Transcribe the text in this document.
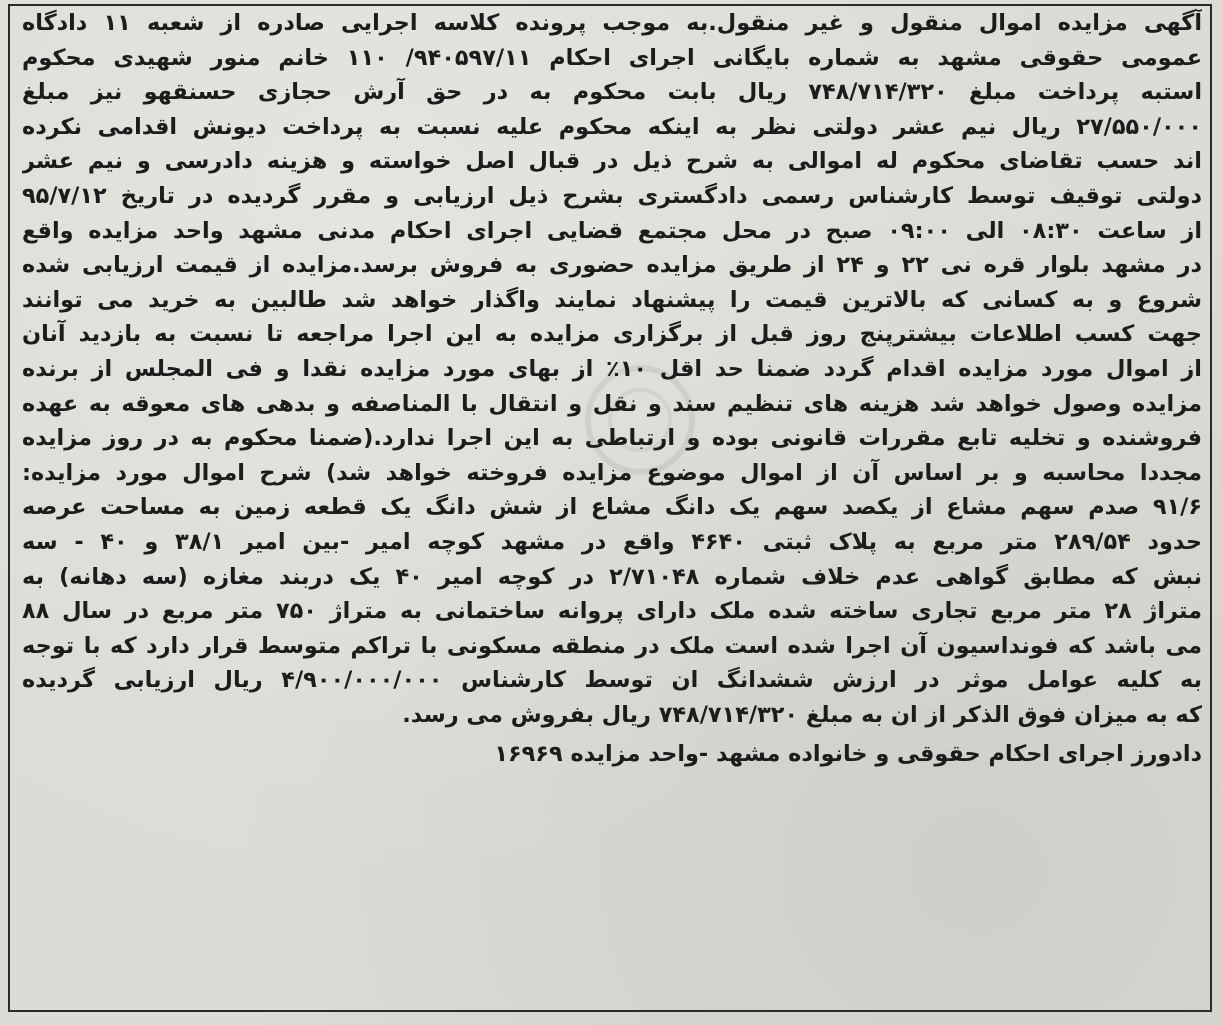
آگهی مزایده اموال منقول و غیر منقول.به موجب پرونده کلاسه اجرایی صادره از شعبه ۱۱ دادگاه
عمومی حقوقی مشهد به شماره بایگانی اجرای احکام ۹۴۰۵۹۷/۱۱/ ۱۱۰ خانم منور شهیدی محکوم
استبه پرداخت مبلغ ۷۴۸/۷۱۴/۳۲۰ ریال بابت محکوم به در حق آرش حجازی حسنقهو نیز مبلغ
۲۷/۵۵۰/۰۰۰ ریال نیم عشر دولتی نظر به اینکه محکوم علیه نسبت به پرداخت دیونش اقدامی نکرده
اند حسب تقاضای محکوم له اموالی به شرح ذیل در قبال اصل خواسته و هزینه دادرسی و نیم عشر
دولتی توقیف توسط کارشناس رسمی دادگستری بشرح ذیل ارزیابی و مقرر گردیده در تاریخ ۹۵/۷/۱۲
از ساعت ۰۸:۳۰ الی ۰۹:۰۰ صبح در محل مجتمع قضایی اجرای احکام مدنی مشهد واحد مزایده واقع
در مشهد بلوار قره نی ۲۲ و ۲۴ از طریق مزایده حضوری به فروش برسد.مزایده از قیمت ارزیابی شده
شروع و به کسانی که بالاترین قیمت را پیشنهاد نمایند واگذار خواهد شد طالبین به خرید می توانند
جهت کسب اطلاعات بیشترپنج روز قبل از برگزاری مزایده به این اجرا مراجعه تا نسبت به بازدید آنان
از اموال مورد مزایده اقدام گردد ضمنا حد اقل ۱۰٪ از بهای مورد مزایده نقدا و فی المجلس از برنده
مزایده وصول خواهد شد هزینه های تنظیم سند و نقل و انتقال با المناصفه و بدهی های معوقه به عهده
فروشنده و تخلیه تابع مقررات قانونی بوده و ارتباطی به این اجرا ندارد.(ضمنا محکوم به در روز مزایده
مجددا محاسبه و بر اساس آن از اموال موضوع مزایده فروخته خواهد شد) شرح اموال مورد مزایده:
۹۱/۶ صدم سهم مشاع از یکصد سهم یک دانگ مشاع از شش دانگ یک قطعه زمین به مساحت عرصه
حدود ۲۸۹/۵۴ متر مربع به پلاک ثبتی ۴۶۴۰ واقع در مشهد کوچه امیر -بین امیر ۳۸/۱ و ۴۰ - سه
نبش که مطابق گواهی عدم خلاف شماره ۲/۷۱۰۴۸ در کوچه امیر ۴۰ یک دربند مغازه (سه دهانه) به
متراژ ۲۸ متر مربع تجاری ساخته شده ملک دارای پروانه ساختمانی به متراژ ۷۵۰ متر مربع در سال ۸۸
می باشد که فونداسیون آن اجرا شده است ملک در منطقه مسکونی با تراکم متوسط قرار دارد که با توجه
به کلیه عوامل موثر در ارزش ششدانگ ان توسط کارشناس ۴/۹۰۰/۰۰۰/۰۰۰ ریال ارزیابی گردیده
که به میزان فوق الذکر از ان به مبلغ ۷۴۸/۷۱۴/۳۲۰ ریال بفروش می رسد.
دادورز اجرای احکام حقوقی و خانواده مشهد -واحد مزایده ۱۶۹۶۹
